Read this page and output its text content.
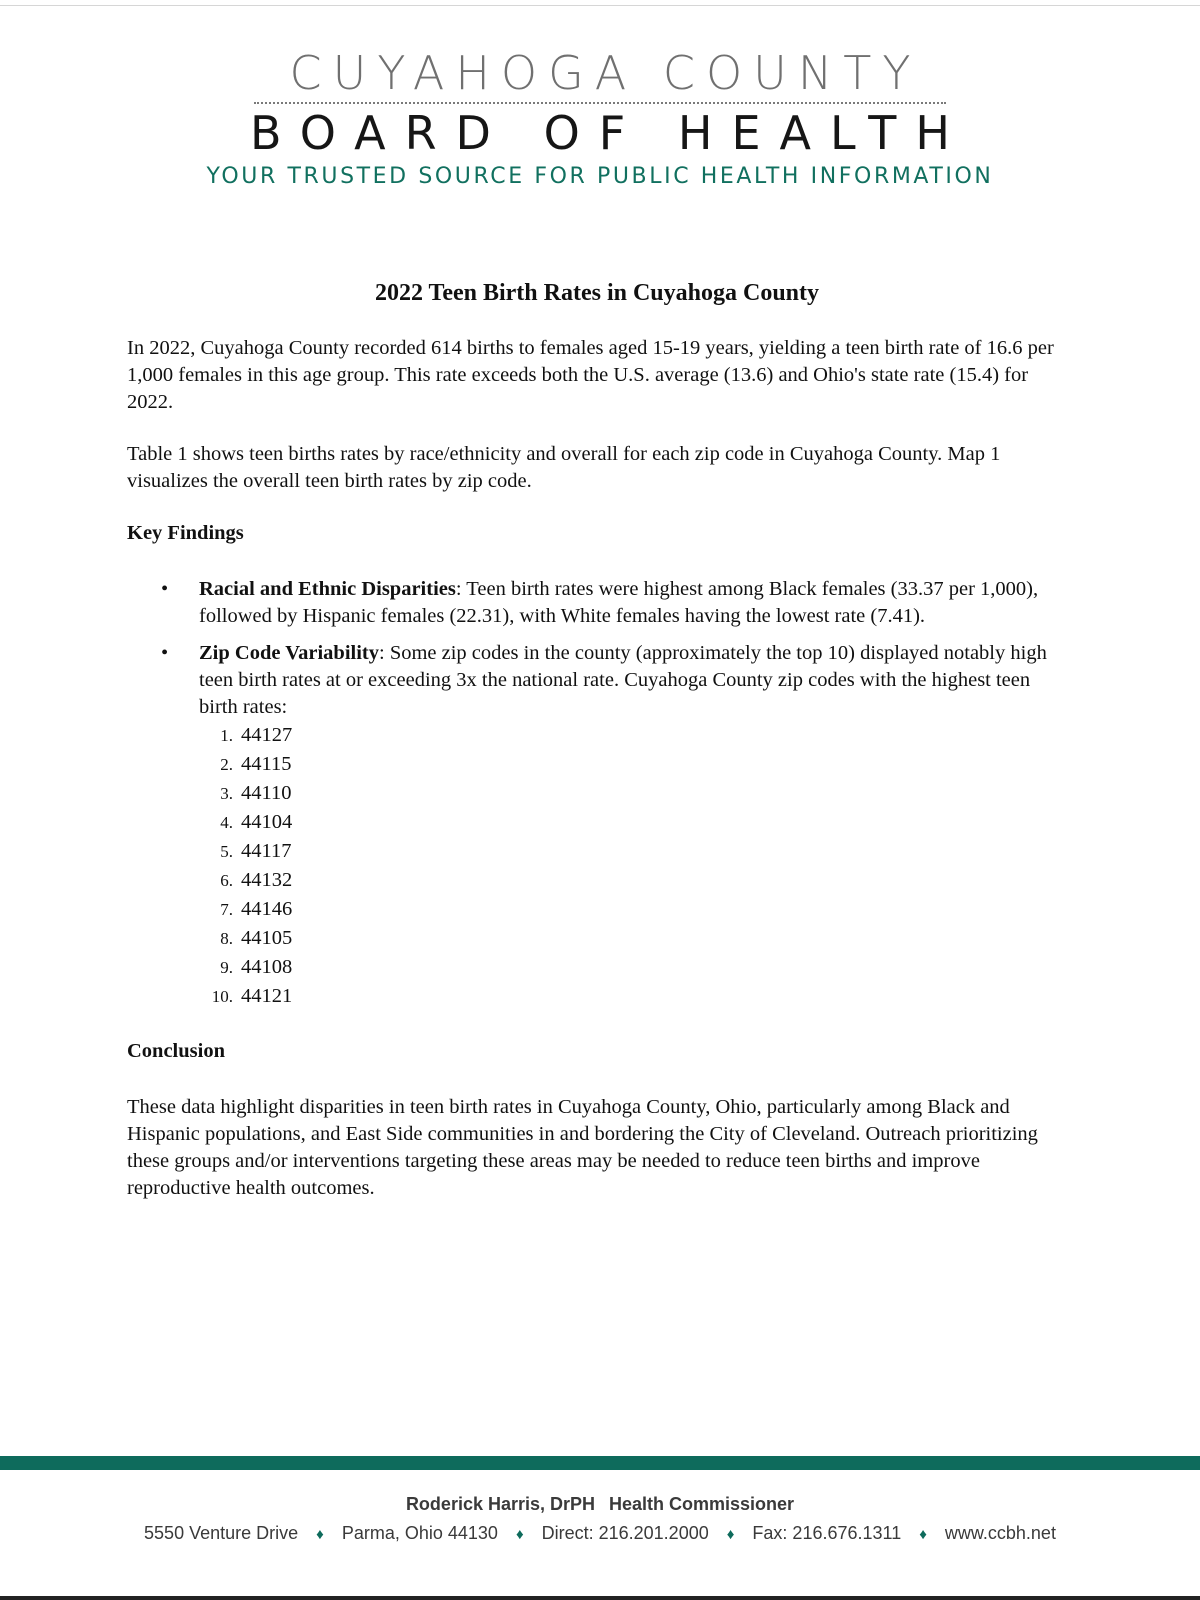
CUYAHOGA COUNTY
BOARD OF HEALTH
YOUR TRUSTED SOURCE FOR PUBLIC HEALTH INFORMATION
2022 Teen Birth Rates in Cuyahoga County

In 2022, Cuyahoga County recorded 614 births to females aged 15-19 years, yielding a teen birth rate of 16.6 per 1,000 females in this age group. This rate exceeds both the U.S. average (13.6) and Ohio's state rate (15.4) for 2022.

Table 1 shows teen births rates by race/ethnicity and overall for each zip code in Cuyahoga County. Map 1 visualizes the overall teen birth rates by zip code.

Key Findings
• Racial and Ethnic Disparities: Teen birth rates were highest among Black females (33.37 per 1,000), followed by Hispanic females (22.31), with White females having the lowest rate (7.41).
• Zip Code Variability: Some zip codes in the county (approximately the top 10) displayed notably high teen birth rates at or exceeding 3x the national rate. Cuyahoga County zip codes with the highest teen birth rates:
1. 44127
2. 44115
3. 44110
4. 44104
5. 44117
6. 44132
7. 44146
8. 44105
9. 44108
10. 44121
Conclusion

These data highlight disparities in teen birth rates in Cuyahoga County, Ohio, particularly among Black and Hispanic populations, and East Side communities in and bordering the City of Cleveland. Outreach prioritizing these groups and/or interventions targeting these areas may be needed to reduce teen births and improve reproductive health outcomes.

Roderick Harris, DrPH Health Commissioner
5550 Venture Drive ♦ Parma, Ohio 44130 ♦ Direct: 216.201.2000 ♦ Fax: 216.676.1311 ♦ www.ccbh.net
